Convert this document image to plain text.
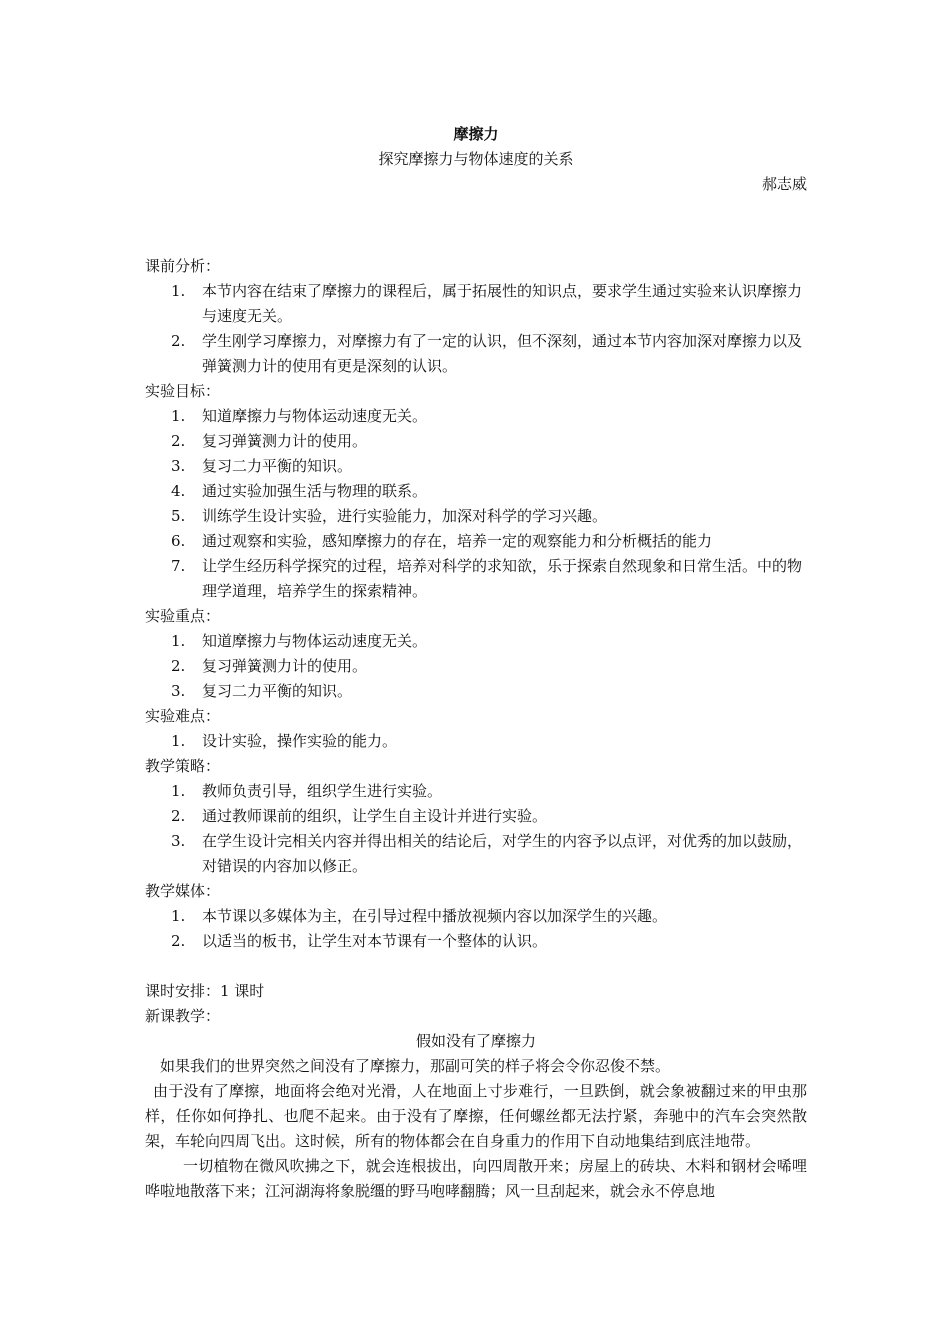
摩擦力
探究摩擦力与物体速度的关系
郝志威
课前分析：
1. 本节内容在结束了摩擦力的课程后，属于拓展性的知识点，要求学生通过实验来认识摩擦力与速度无关。
2. 学生刚学习摩擦力，对摩擦力有了一定的认识，但不深刻，通过本节内容加深对摩擦力以及弹簧测力计的使用有更是深刻的认识。
实验目标：
1. 知道摩擦力与物体运动速度无关。
2. 复习弹簧测力计的使用。
3. 复习二力平衡的知识。
4. 通过实验加强生活与物理的联系。
5. 训练学生设计实验，进行实验能力，加深对科学的学习兴趣。
6. 通过观察和实验，感知摩擦力的存在，培养一定的观察能力和分析概括的能力
7. 让学生经历科学探究的过程，培养对科学的求知欲，乐于探索自然现象和日常生活。中的物理学道理，培养学生的探索精神。
实验重点：
1. 知道摩擦力与物体运动速度无关。
2. 复习弹簧测力计的使用。
3. 复习二力平衡的知识。
实验难点：
1. 设计实验，操作实验的能力。
教学策略：
1. 教师负责引导，组织学生进行实验。
2. 通过教师课前的组织，让学生自主设计并进行实验。
3. 在学生设计完相关内容并得出相关的结论后，对学生的内容予以点评，对优秀的加以鼓励，对错误的内容加以修正。
教学媒体：
1. 本节课以多媒体为主，在引导过程中播放视频内容以加深学生的兴趣。
2. 以适当的板书，让学生对本节课有一个整体的认识。
课时安排：1 课时
新课教学：
假如没有了摩擦力
如果我们的世界突然之间没有了摩擦力，那副可笑的样子将会令你忍俊不禁。
由于没有了摩擦，地面将会绝对光滑，人在地面上寸步难行，一旦跌倒，就会象被翻过来的甲虫那样，任你如何挣扎、也爬不起来。由于没有了摩擦，任何螺丝都无法拧紧，奔驰中的汽车会突然散架，车轮向四周飞出。这时候，所有的物体都会在自身重力的作用下自动地集结到底洼地带。
一切植物在微风吹拂之下，就会连根拔出，向四周散开来；房屋上的砖块、木料和钢材会唏哩哗啦地散落下来；江河湖海将象脱缰的野马咆哮翻腾；风一旦刮起来，就会永不停息地
